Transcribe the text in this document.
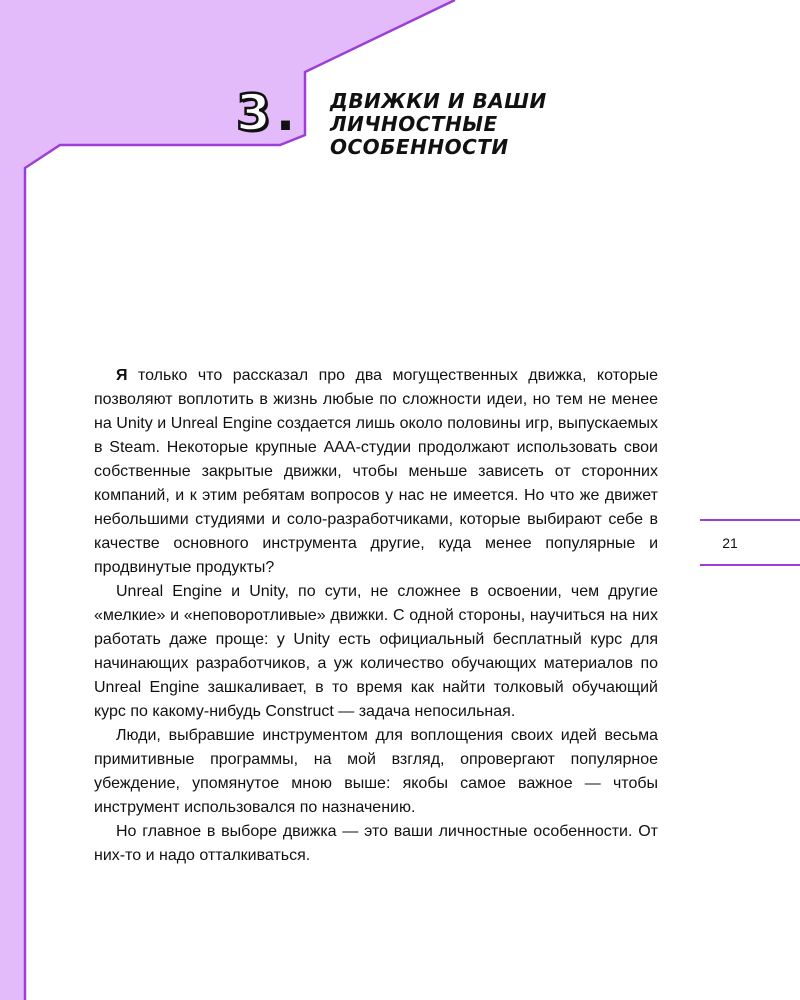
3 . ДВИЖКИ И ВАШИ ЛИЧНОСТНЫЕ ОСОБЕННОСТИ

Я только что рассказал про два могущественных движка, которые позволяют воплотить в жизнь любые по сложности идеи, но тем не менее на Unity и Unreal Engine создается лишь около половины игр, выпускаемых в Steam. Некоторые крупные AAA-студии продолжают использовать свои собственные закрытые движки, чтобы меньше зависеть от сторонних компаний, и к этим ребятам вопросов у нас не имеется. Но что же движет небольшими студиями и соло-разработчиками, которые выбирают себе в качестве основного инструмента другие, куда менее популярные и продвинутые продукты?

Unreal Engine и Unity, по сути, не сложнее в освоении, чем другие «мелкие» и «неповоротливые» движки. С одной стороны, научиться на них работать даже проще: у Unity есть официальный бесплатный курс для начинающих разработчиков, а уж количество обучающих материалов по Unreal Engine зашкаливает, в то время как найти толковый обучающий курс по какому-нибудь Construct — задача непосильная.

Люди, выбравшие инструментом для воплощения своих идей весьма примитивные программы, на мой взгляд, опровергают популярное убеждение, упомянутое мною выше: якобы самое важное — чтобы инструмент использовался по назначению.

Но главное в выборе движка — это ваши личностные особенности. От них-то и надо отталкиваться.

21
